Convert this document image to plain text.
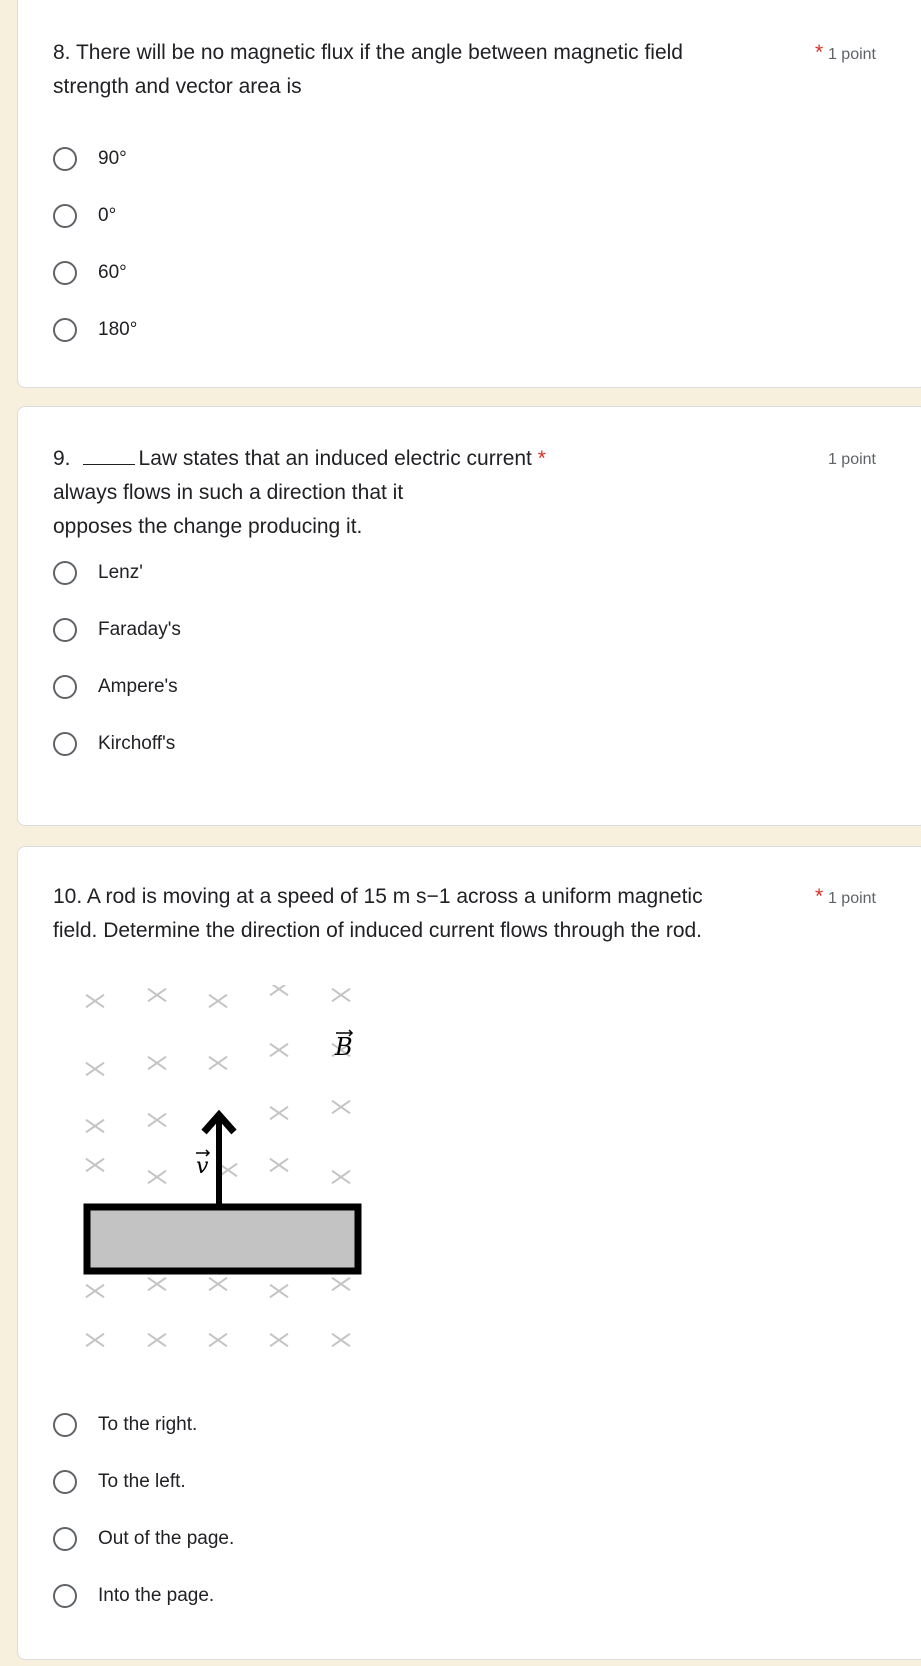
8. There will be no magnetic flux if the angle between magnetic field
strength and vector area is
* 1 point
90°
0°
60°
180°
9.	Law states that an induced electric current *
always flows in such a direction that it
opposes the change producing it.
1 point
Lenz'
Faraday's
Ampere's
Kirchoff's
10. A rod is moving at a speed of 15 m s−1 across a uniform magnetic
field. Determine the direction of induced current flows through the rod.
* 1 point
v
B
To the right.
To the left.
Out of the page.
Into the page.
